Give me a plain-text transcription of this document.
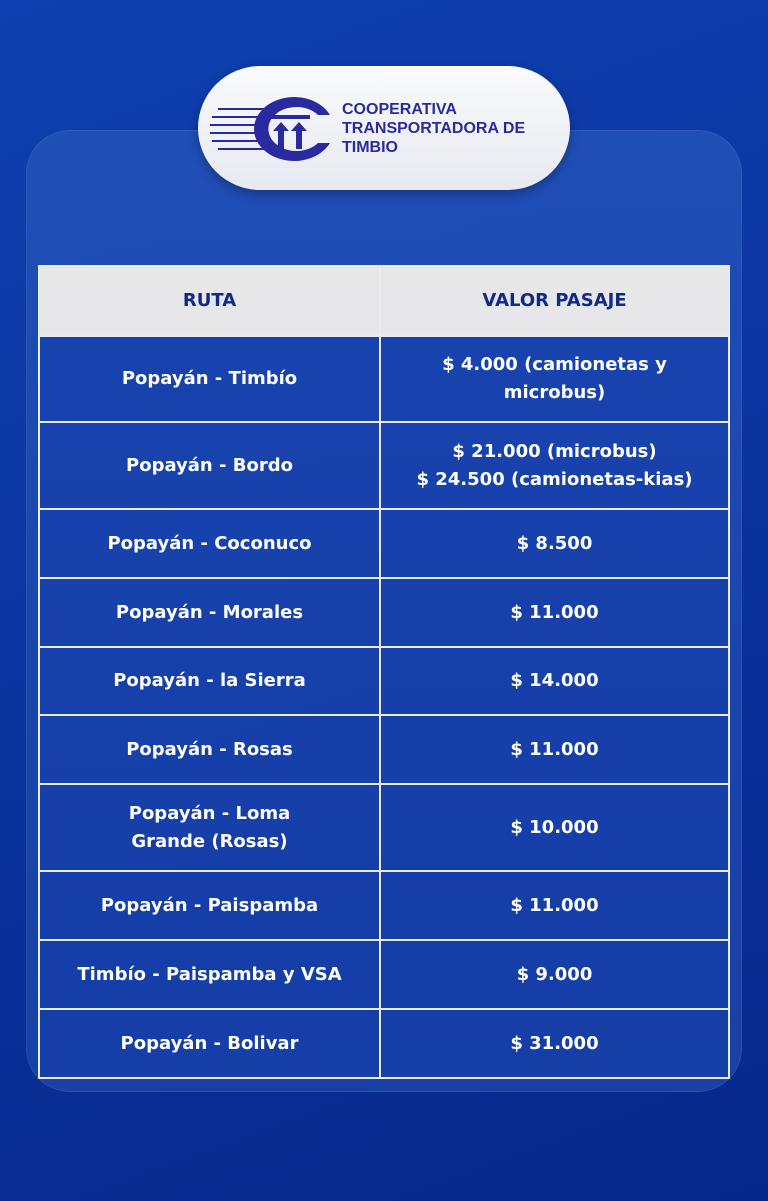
COOPERATIVA
TRANSPORTADORA DE
TIMBIO
RUTA	VALOR PASAJE
Popayán - Timbío	$ 4.000 (camionetas y
microbus)

Popayán - Bordo	$ 21.000 (microbus)
$ 24.500 (camionetas-kias)

Popayán - Coconuco	$ 8.500

Popayán - Morales	$ 11.000

Popayán - la Sierra	$ 14.000

Popayán - Rosas	$ 11.000

Popayán - Loma Grande (Rosas)	$ 10.000

Popayán - Paispamba	$ 11.000

Timbío - Paispamba y VSA	$ 9.000

Popayán - Bolivar	$ 31.000
